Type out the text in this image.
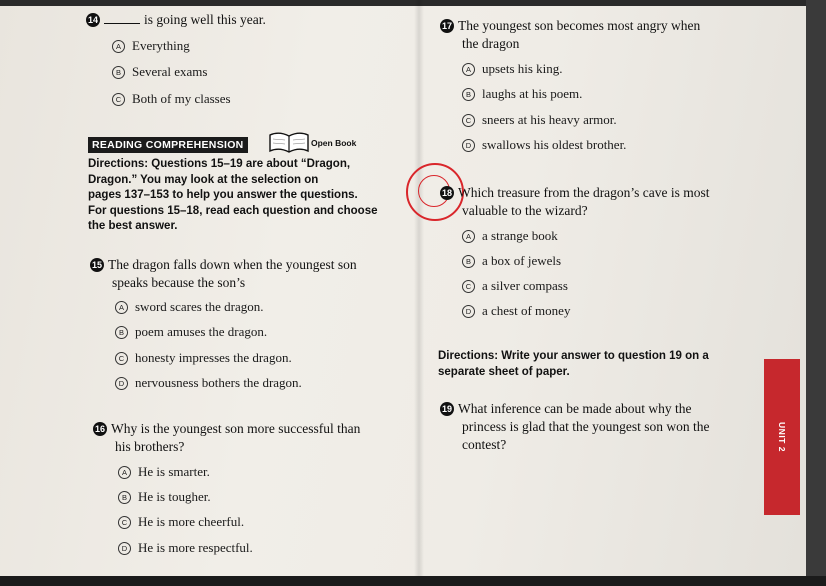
14	is going well this year.
A Everything
B Several exams
C Both of my classes
READING COMPREHENSION	Open Book
Directions: Questions 15–19 are about “Dragon,
Dragon.” You may look at the selection on
pages 137–153 to help you answer the questions.
For questions 15–18, read each question and choose
the best answer.
15 The dragon falls down when the youngest son
speaks because the son’s
A sword scares the dragon.
B poem amuses the dragon.
C honesty impresses the dragon.
D nervousness bothers the dragon.
16 Why is the youngest son more successful than
his brothers?
A He is smarter.
B He is tougher.
C He is more cheerful.
D He is more respectful.
17 The youngest son becomes most angry when
the dragon
A upsets his king.
B laughs at his poem.
C sneers at his heavy armor.
D swallows his oldest brother.
18 Which treasure from the dragon’s cave is most
valuable to the wizard?
A a strange book
B a box of jewels
C a silver compass
D a chest of money
Directions: Write your answer to question 19 on a
separate sheet of paper.
19 What inference can be made about why the
princess is glad that the youngest son won the
contest?	UNIT 2
